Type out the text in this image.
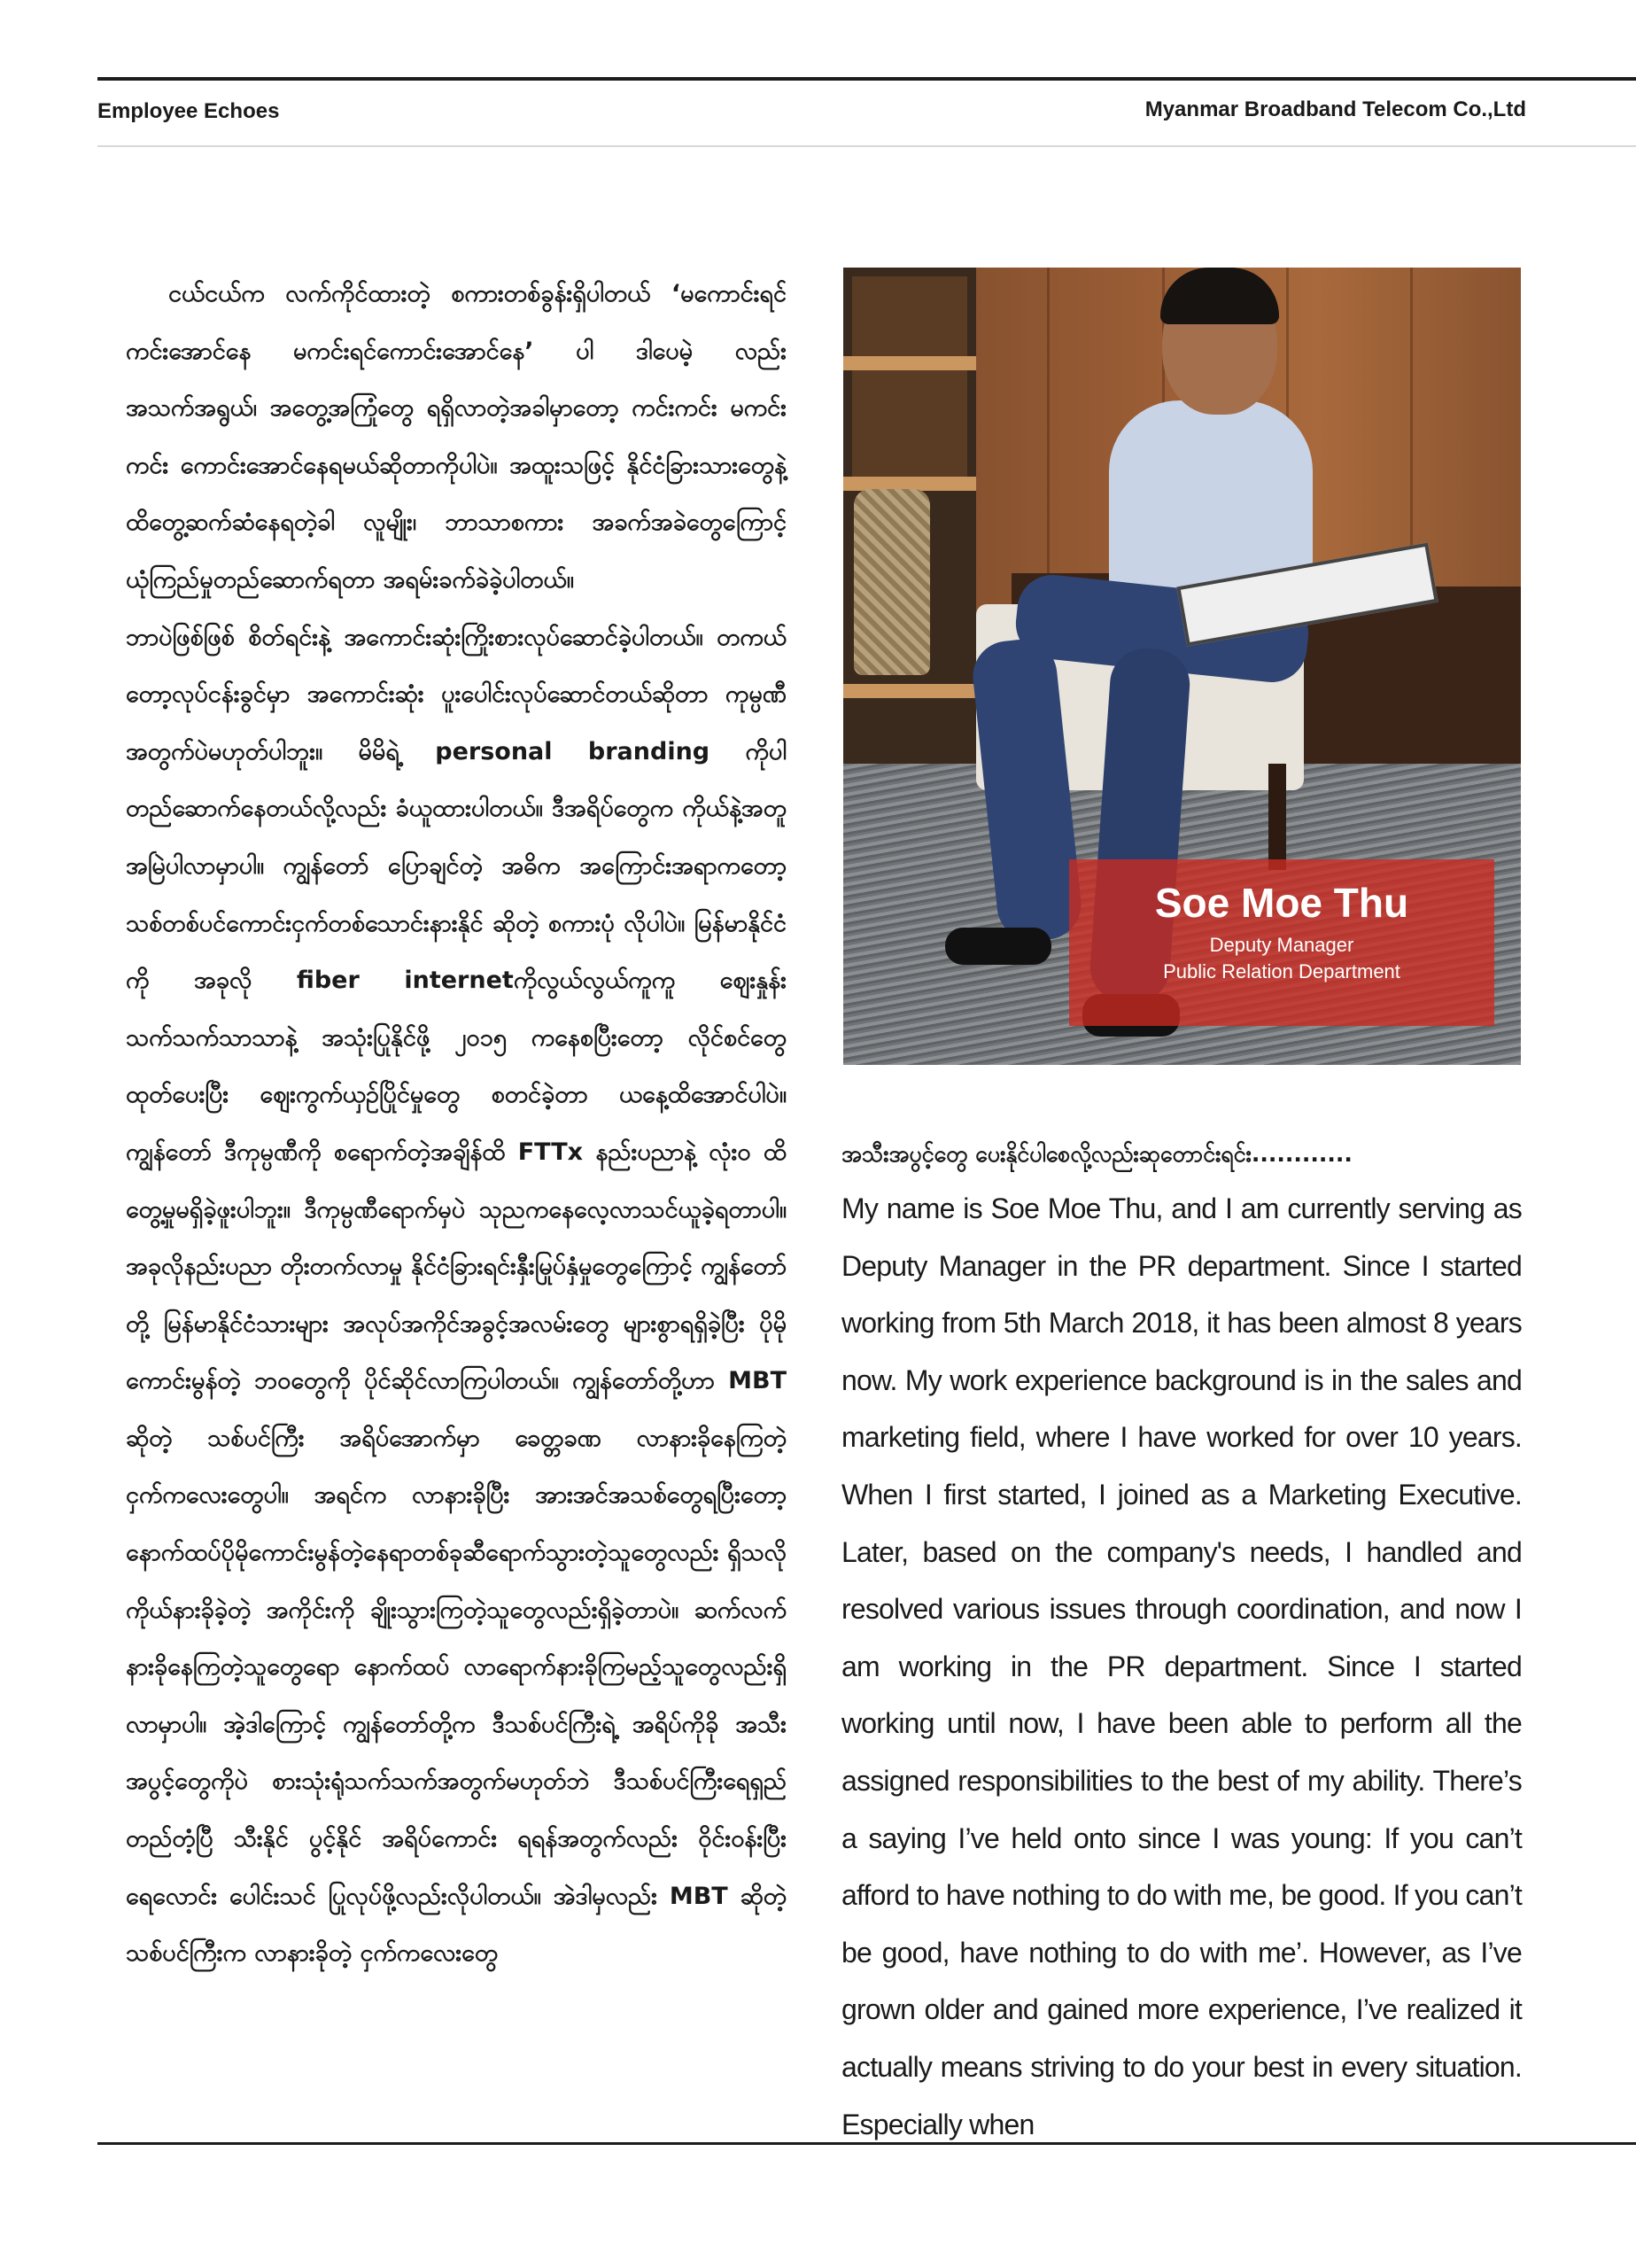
Employee Echoes	Myanmar Broadband Telecom Co.,Ltd

ငယ်ငယ်က လက်ကိုင်ထားတဲ့ စကားတစ်ခွန်းရှိပါတယ် ‘မကောင်းရင်ကင်းအောင်နေ မကင်းရင်ကောင်းအောင်နေ’ ပါ ဒါပေမဲ့ လည်း အသက်အရွယ်၊ အတွေ့အကြုံတွေ ရရှိလာတဲ့အခါမှာတော့ ကင်းကင်း မကင်းကင်း ကောင်းအောင်နေရမယ်ဆိုတာကိုပါပဲ။ အထူးသဖြင့် နိုင်ငံခြားသားတွေနဲ့ ထိတွေ့ဆက်ဆံနေရတဲ့ခါ လူမျိုး၊ ဘာသာစကား အခက်အခဲတွေကြောင့် ယုံကြည်မှုတည်ဆောက်ရတာ အရမ်းခက်ခဲခဲ့ပါတယ်။

ဘာပဲဖြစ်ဖြစ် စိတ်ရင်းနဲ့ အကောင်းဆုံးကြိုးစားလုပ်ဆောင်ခဲ့ပါတယ်။ တကယ်တော့လုပ်ငန်းခွင်မှာ အကောင်းဆုံး ပူးပေါင်းလုပ်ဆောင်တယ်ဆိုတာ ကုမ္ပဏီ အတွက်ပဲမဟုတ်ပါဘူး။ မိမိရဲ့ personal branding ကိုပါ တည်ဆောက်နေတယ်လို့လည်း ခံယူထားပါတယ်။ ဒီအရိပ်တွေက ကိုယ်နဲ့အတူအမြဲပါလာမှာပါ။ ကျွန်တော် ပြောချင်တဲ့ အဓိက အကြောင်းအရာကတော့ သစ်တစ်ပင်ကောင်းငှက်တစ်သောင်းနားနိုင် ဆိုတဲ့ စကားပုံ လိုပါပဲ။ မြန်မာနိုင်ငံကို အခုလို fiber internetကိုလွယ်လွယ်ကူကူ ဈေးနှုန်းသက်သက်သာသာနဲ့ အသုံးပြုနိုင်ဖို့ ၂၀၁၅ ကနေစပြီးတော့ လိုင်စင်တွေထုတ်ပေးပြီး ဈေးကွက်ယှဉ်ပြိုင်မှုတွေ စတင်ခဲ့တာ ယနေ့ထိအောင်ပါပဲ။ ကျွန်တော် ဒီကုမ္ပဏီကို စရောက်တဲ့အချိန်ထိ FTTx နည်းပညာနဲ့ လုံးဝ ထိတွေ့မှုမရှိခဲ့ဖူးပါဘူး။ ဒီကုမ္ပဏီရောက်မှပဲ သုညကနေလေ့လာသင်ယူခဲ့ရတာပါ။ အခုလိုနည်းပညာ တိုးတက်လာမှု နိုင်ငံခြားရင်းနှီးမြုပ်နှံမှုတွေကြောင့် ကျွန်တော်တို့ မြန်မာနိုင်ငံသားများ အလုပ်အကိုင်အခွင့်အလမ်းတွေ များစွာရရှိခဲ့ပြီး ပိုမိုကောင်းမွန်တဲ့ ဘဝတွေကို ပိုင်ဆိုင်လာကြပါတယ်။ ကျွန်တော်တို့ဟာ MBT ဆိုတဲ့ သစ်ပင်ကြီး အရိပ်အောက်မှာ ခေတ္တခဏ လာနားခိုနေကြတဲ့ ငှက်ကလေးတွေပါ။ အရင်က လာနားခိုပြီး အားအင်အသစ်တွေရပြီးတော့ နောက်ထပ်ပိုမိုကောင်းမွန်တဲ့နေရာတစ်ခုဆီရောက်သွားတဲ့သူတွေလည်း ရှိသလို ကိုယ်နားခိုခဲ့တဲ့ အကိုင်းကို ချိုးသွားကြတဲ့သူတွေလည်းရှိခဲ့တာပဲ။ ဆက်လက်နားခိုနေကြတဲ့သူတွေရော နောက်ထပ် လာရောက်နားခိုကြမည့်သူတွေလည်းရှိလာမှာပါ။ အဲ့ဒါကြောင့် ကျွန်တော်တို့က ဒီသစ်ပင်ကြီးရဲ့ အရိပ်ကိုခို အသီးအပွင့်တွေကိုပဲ စားသုံးရုံသက်သက်အတွက်မဟုတ်ဘဲ ဒီသစ်ပင်ကြီးရေရှည် တည်တံ့ပြီ သီးနိုင် ပွင့်နိုင် အရိပ်ကောင်း ရရန်အတွက်လည်း ဝိုင်းဝန်းပြီး ရေလောင်း ပေါင်းသင် ပြုလုပ်ဖို့လည်းလိုပါတယ်။ အဲဒါမှလည်း MBT ဆိုတဲ့ သစ်ပင်ကြီးက လာနားခိုတဲ့ ငှက်ကလေးတွေ

Soe Moe Thu
Deputy Manager
Public Relation Department

အသီးအပွင့်တွေ ပေးနိုင်ပါစေလို့လည်းဆုတောင်းရင်း............

My name is Soe Moe Thu, and I am currently serving as Deputy Manager in the PR department. Since I started working from 5th March 2018, it has been almost 8 years now. My work experience background is in the sales and marketing field, where I have worked for over 10 years. When I first started, I joined as a Marketing Executive. Later, based on the company's needs, I handled and resolved various issues through coordination, and now I am working in the PR department. Since I started working until now, I have been able to perform all the assigned responsibilities to the best of my ability. There’s a saying I’ve held onto since I was young: If you can’t afford to have nothing to do with me, be good. If you can’t be good, have nothing to do with me’. However, as I’ve grown older and gained more experience, I’ve realized it actually means striving to do your best in every situation. Especially when
